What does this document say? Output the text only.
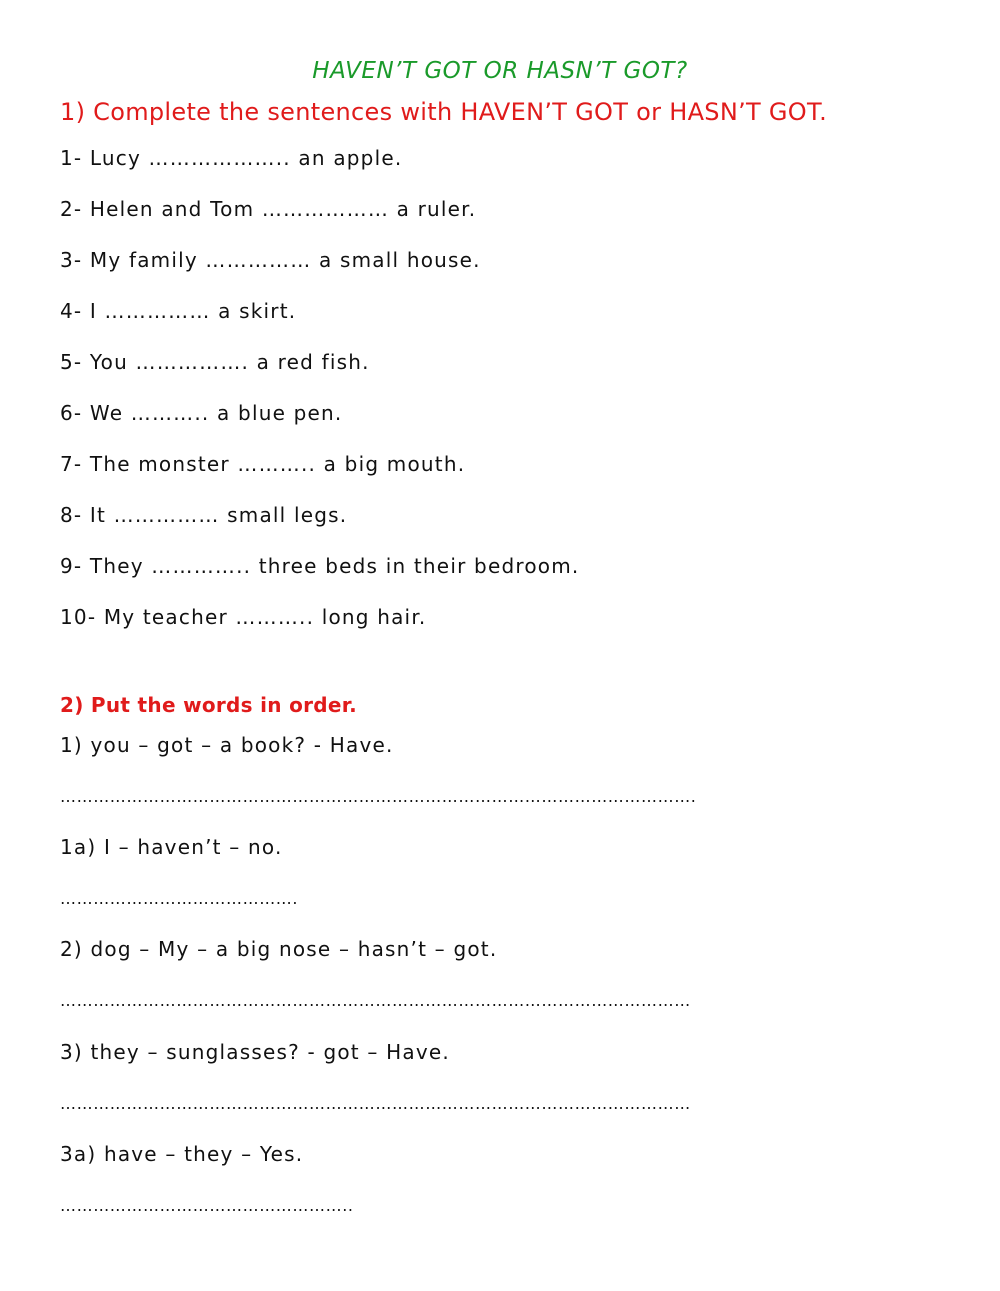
HAVEN’T GOT OR HASN’T GOT?
1) Complete the sentences with HAVEN’T GOT or HASN’T GOT.
1- Lucy ……………….. an apple.
2- Helen and Tom ……………… a ruler.
3- My family …………… a small house.
4- I …………… a skirt.
5- You ……………. a red fish.
6- We ……….. a blue pen.
7- The monster ……….. a big mouth.
8- It …………… small legs.
9- They ………….. three beds in their bedroom.
10- My teacher ……….. long hair.
2) Put the words in order.
1) you – got – a book? - Have.
…………………………………………………………………………………………………….
1a) I – haven’t – no.
…………………………………….
2) dog – My – a big nose – hasn’t – got.
……………………………………………………………………………………………………
3) they – sunglasses? - got – Have.
……………………………………………………………………………………………………
3a) have – they – Yes.
……………………………………………..
